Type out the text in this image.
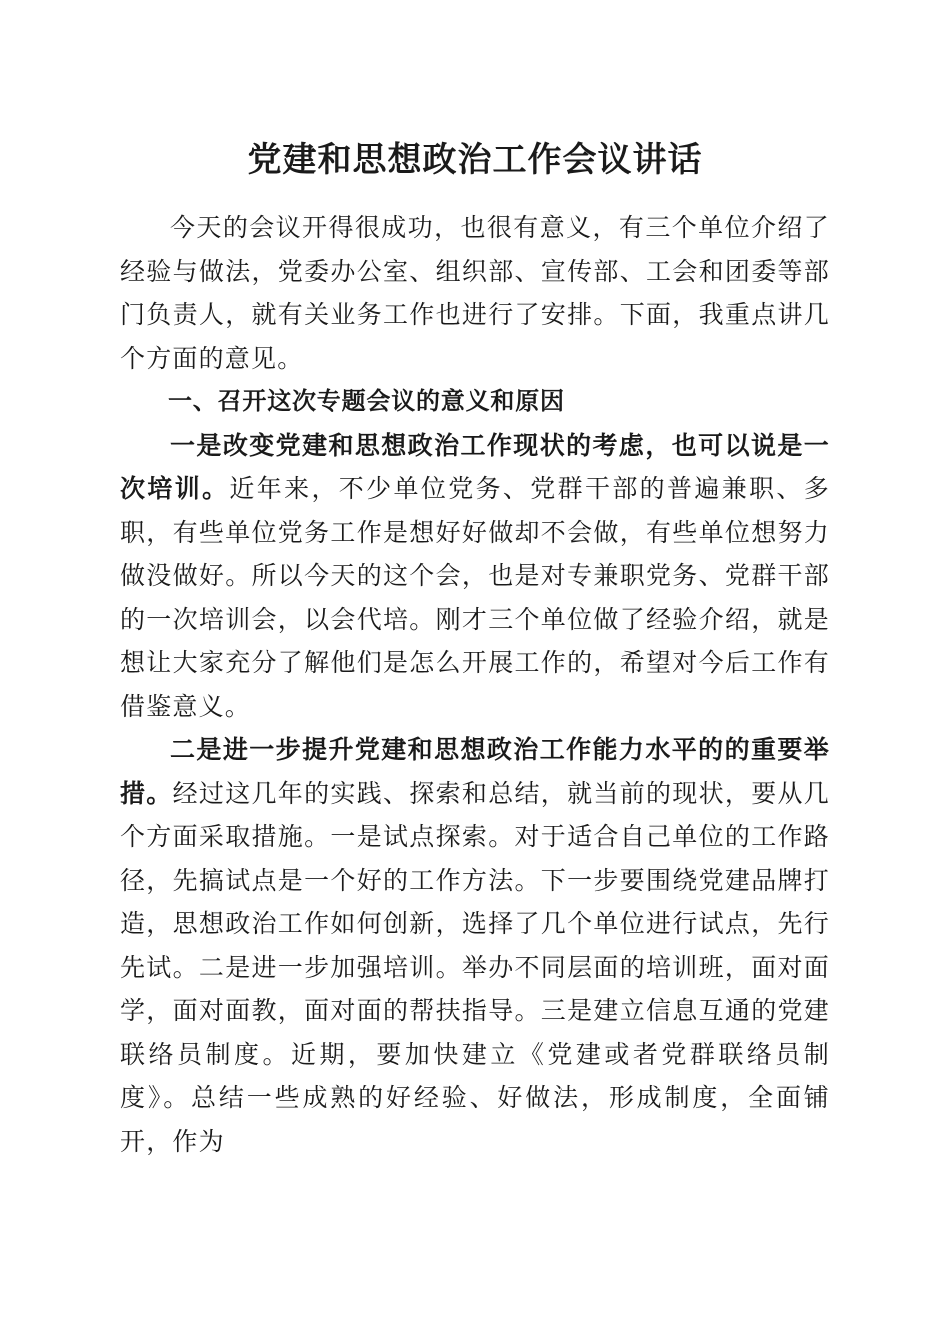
党建和思想政治工作会议讲话

今天的会议开得很成功，也很有意义，有三个单位介绍了经验与做法，党委办公室、组织部、宣传部、工会和团委等部门负责人，就有关业务工作也进行了安排。下面，我重点讲几个方面的意见。

一、召开这次专题会议的意义和原因

一是改变党建和思想政治工作现状的考虑，也可以说是一次培训。近年来，不少单位党务、党群干部的普遍兼职、多职，有些单位党务工作是想好好做却不会做，有些单位想努力做没做好。所以今天的这个会，也是对专兼职党务、党群干部的一次培训会，以会代培。刚才三个单位做了经验介绍，就是想让大家充分了解他们是怎么开展工作的，希望对今后工作有借鉴意义。

二是进一步提升党建和思想政治工作能力水平的的重要举措。经过这几年的实践、探索和总结，就当前的现状，要从几个方面采取措施。一是试点探索。对于适合自己单位的工作路径，先搞试点是一个好的工作方法。下一步要围绕党建品牌打造，思想政治工作如何创新，选择了几个单位进行试点，先行先试。二是进一步加强培训。举办不同层面的培训班，面对面学，面对面教，面对面的帮扶指导。三是建立信息互通的党建联络员制度。近期，要加快建立《党建或者党群联络员制度》。总结一些成熟的好经验、好做法，形成制度，全面铺开，作为
